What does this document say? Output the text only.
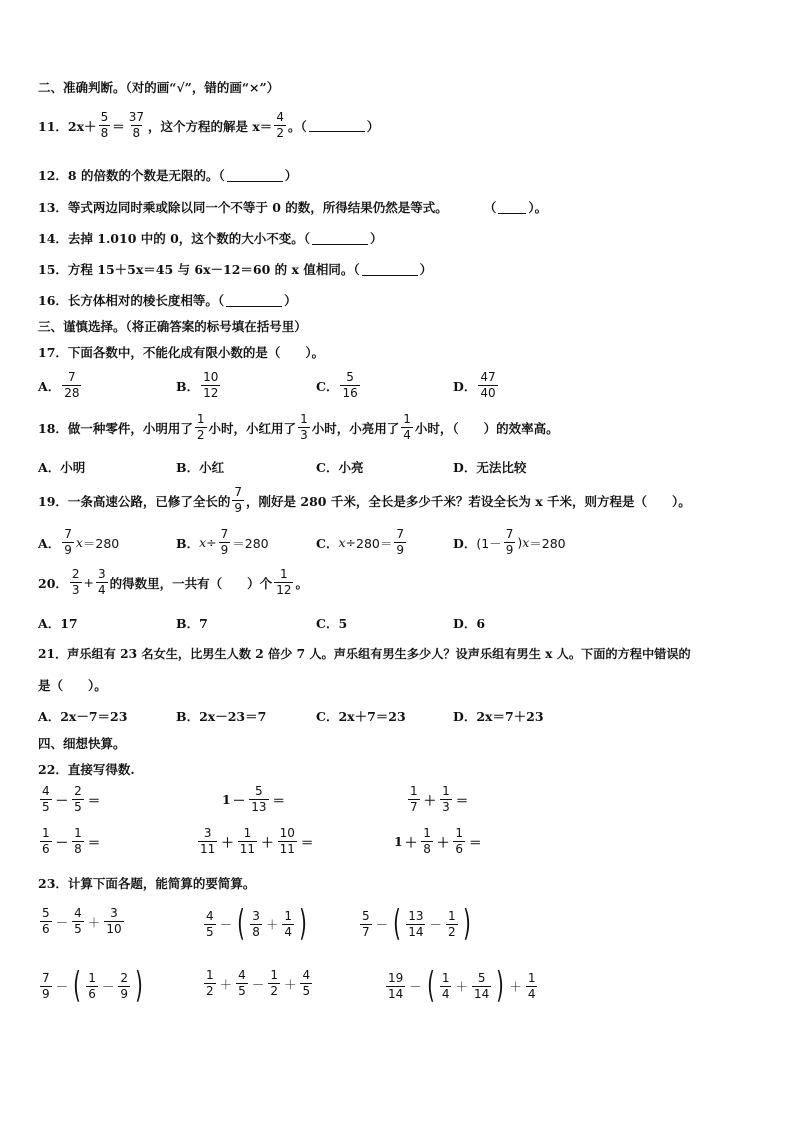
二、准确判断。（对的画“√”，错的画“×”）
11． $2x+ \frac{5}{8} = \frac{37}{8}$ ，这个方程的解是 $x= \frac{4}{2}$ 。（	）
12．8 的倍数的个数是无限的。（	）
13．等式两边同时乘或除以同一个不等于 0 的数，所得结果仍然是等式。	（	）。
14．去掉 1.010 中的 0，这个数的大小不变。（	）
15．方程 15＋5x＝45 与 6x－12＝60 的 x 值相同。（	）
16．长方体相对的棱长度相等。（	）
三、谨慎选择。（将正确答案的标号填在括号里）
17．下面各数中，不能化成有限小数的是（　　）。
A． $\frac{7}{28}$	B． $\frac{10}{12}$	C． $\frac{5}{16}$	D． $\frac{47}{40}$
18．做一种零件，小明用了 $\frac{1}{2}$ 小时，小红用了 $\frac{1}{3}$ 小时，小亮用了 $\frac{1}{4}$ 小时，（　　）的效率高。
A．小明	B．小红	C．小亮	D．无法比较
19．一条高速公路，已修了全长的 $\frac{7}{9}$ ，刚好是 280 千米，全长是多少千米？若设全长为 x 千米，则方程是（　　）。
A． $\frac{7}{9}$ x ＝280	B． $x \div \frac{7}{9} =280$	C． $x \div 280= \frac{7}{9}$	D． ($1- \frac{7}{9}$ ) x ＝280
20． $\frac{2}{3} + \frac{3}{4}$ 的得数里，一共有（　　）个 $\frac{1}{12}$ 。
A．17	B．7	C．5	D．6
21．声乐组有 23 名女生，比男生人数 2 倍少 7 人。声乐组有男生多少人？设声乐组有男生 x 人。下面的方程中错误的
是（　　）。
A．2x－7＝23	B．2x－23＝7	C．2x＋7＝23	D．2x＝7＋23
四、细想快算。
22．直接写得数.
$\frac{4}{5} - \frac{2}{5}$ ＝	$1 - \frac{5}{13}$ ＝	$\frac{1}{7} + \frac{1}{3}$ ＝
$\frac{1}{6} - \frac{1}{8}$ ＝	$\frac{3}{11} + \frac{1}{11} + \frac{10}{11}$ ＝	$1 + \frac{1}{8} + \frac{1}{6}$ ＝
23．计算下面各题，能简算的要简算。
$\frac{5}{6} - \frac{4}{5} + \frac{3}{10}$	$\frac{4}{5}$ － ( $\frac{3}{8} + \frac{1}{4}$ )	$\frac{5}{7}$ － ( $\frac{13}{14} - \frac{1}{2}$ )
$\frac{7}{9}$ － ( $\frac{1}{6} - \frac{2}{9}$ )	$\frac{1}{2} + \frac{4}{5} - \frac{1}{2} + \frac{4}{5}$	$\frac{19}{14}$ － ( $\frac{1}{4} + \frac{5}{14}$ ) ＋ $\frac{1}{4}$
